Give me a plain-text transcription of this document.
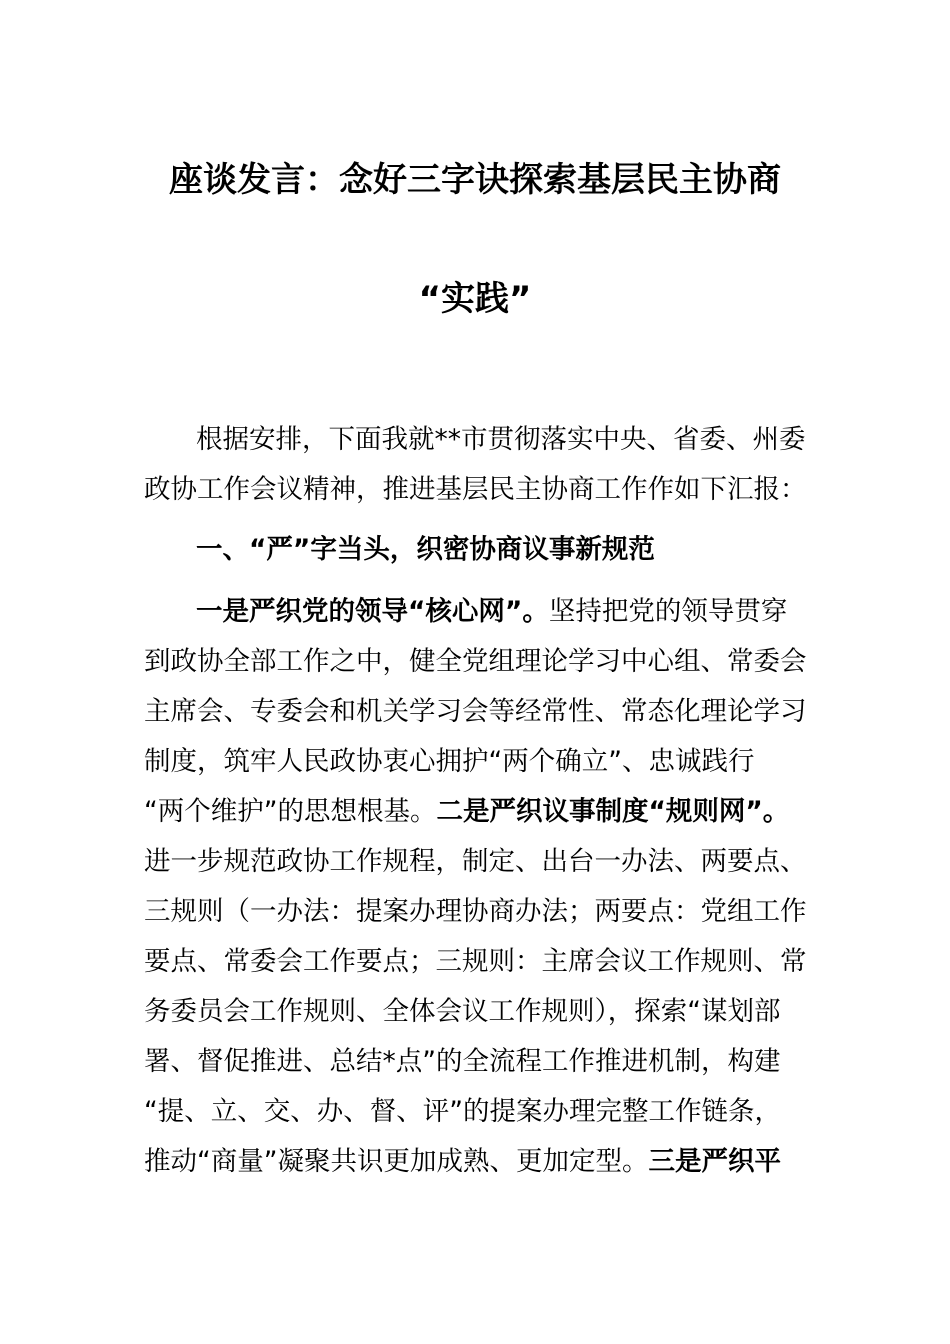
座谈发言：念好三字诀探索基层民主协商
“实践”
根据安排，下面我就**市贯彻落实中央、省委、州委
政协工作会议精神，推进基层民主协商工作作如下汇报：
一、“严”字当头，织密协商议事新规范
一是严织党的领导“核心网”。坚持把党的领导贯穿
到政协全部工作之中，健全党组理论学习中心组、常委会
主席会、专委会和机关学习会等经常性、常态化理论学习
制度，筑牢人民政协衷心拥护“两个确立”、忠诚践行
“两个维护”的思想根基。二是严织议事制度“规则网”。
进一步规范政协工作规程，制定、出台一办法、两要点、
三规则（一办法：提案办理协商办法；两要点：党组工作
要点、常委会工作要点；三规则：主席会议工作规则、常
务委员会工作规则、全体会议工作规则），探索“谋划部
署、督促推进、总结*点”的全流程工作推进机制，构建
“提、立、交、办、督、评”的提案办理完整工作链条，
推动“商量”凝聚共识更加成熟、更加定型。三是严织平
